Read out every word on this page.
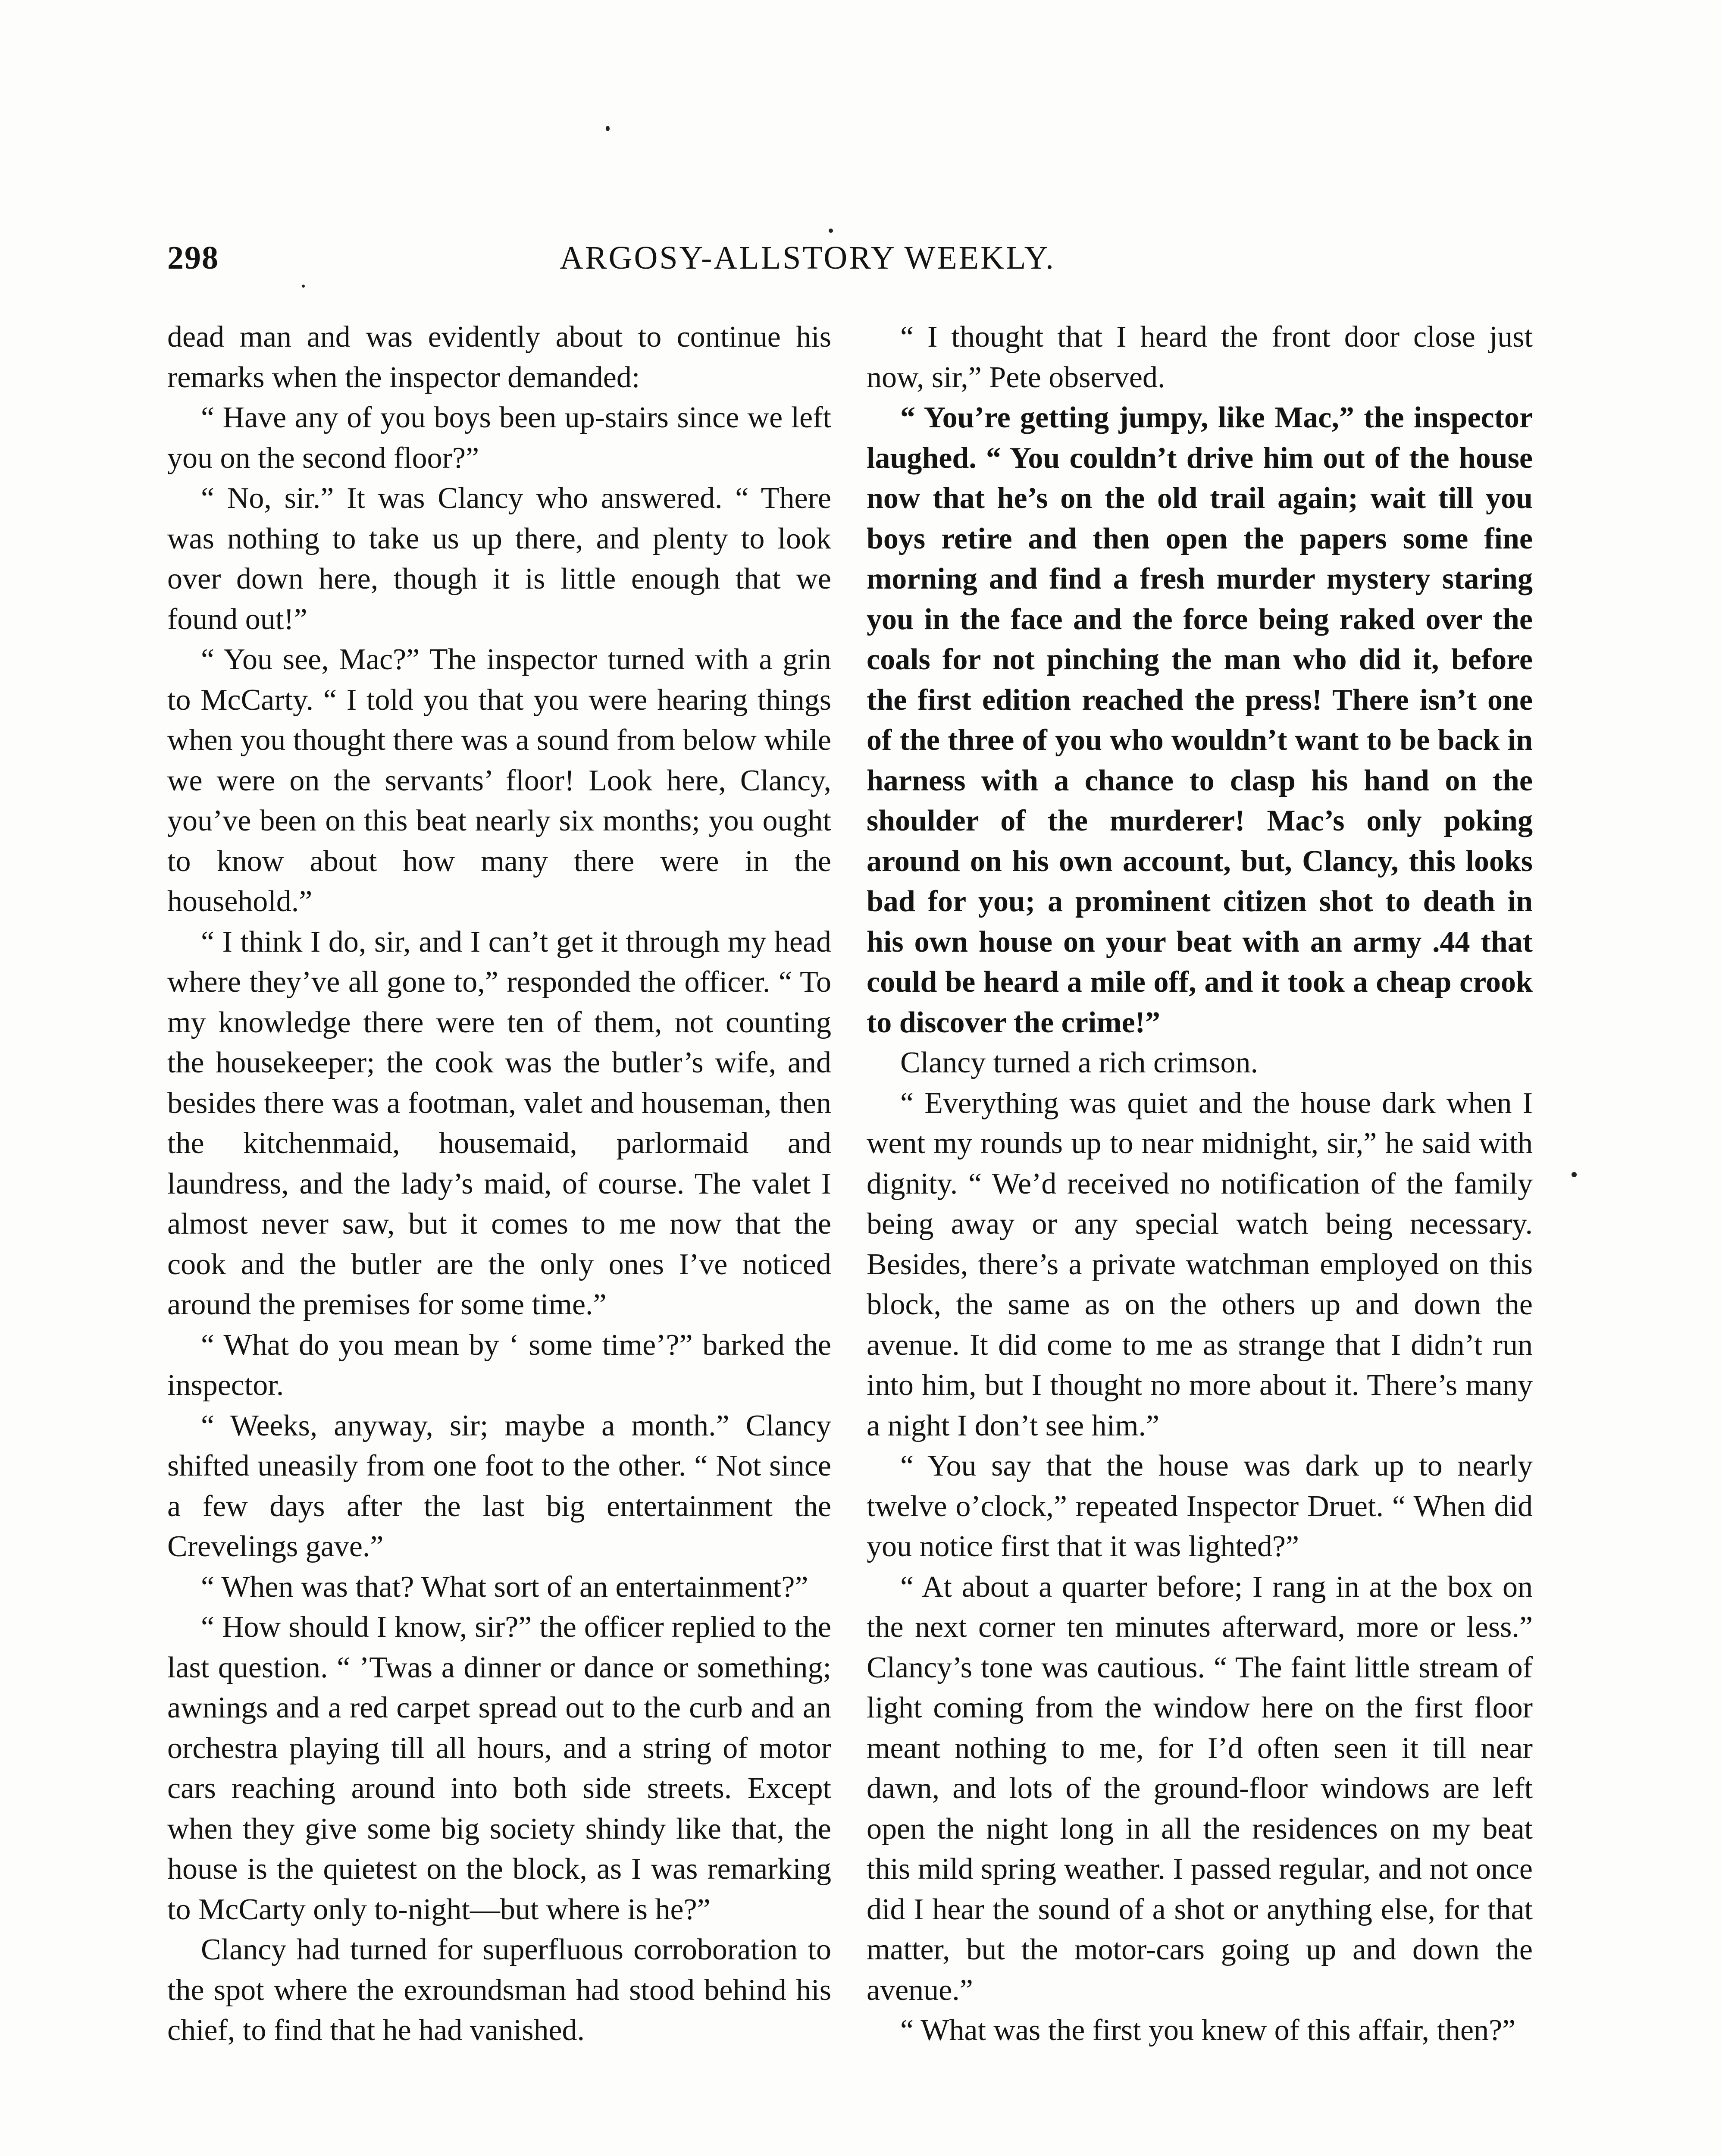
298	ARGOSY-ALLSTORY WEEKLY.

dead man and was evidently about to continue his remarks when the inspector demanded:

“ Have any of you boys been up-stairs since we left you on the second floor?”

“ No, sir.” It was Clancy who answered. “ There was nothing to take us up there, and plenty to look over down here, though it is little enough that we found out!”

“ You see, Mac?” The inspector turned with a grin to McCarty. “ I told you that you were hearing things when you thought there was a sound from below while we were on the servants’ floor! Look here, Clancy, you’ve been on this beat nearly six months; you ought to know about how many there were in the household.”

“ I think I do, sir, and I can’t get it through my head where they’ve all gone to,” responded the officer. “ To my knowledge there were ten of them, not counting the housekeeper; the cook was the butler’s wife, and besides there was a footman, valet and houseman, then the kitchenmaid, housemaid, parlormaid and laundress, and the lady’s maid, of course. The valet I almost never saw, but it comes to me now that the cook and the butler are the only ones I’ve noticed around the premises for some time.”

“ What do you mean by ‘ some time’?” barked the inspector.

“ Weeks, anyway, sir; maybe a month.” Clancy shifted uneasily from one foot to the other. “ Not since a few days after the last big entertainment the Crevelings gave.”

“ When was that? What sort of an entertainment?”

“ How should I know, sir?” the officer replied to the last question. “ ’Twas a dinner or dance or something; awnings and a red carpet spread out to the curb and an orchestra playing till all hours, and a string of motor cars reaching around into both side streets. Except when they give some big society shindy like that, the house is the quietest on the block, as I was remarking to McCarty only to-night—but where is he?”

Clancy had turned for superfluous corroboration to the spot where the exroundsman had stood behind his chief, to find that he had vanished.

“ I thought that I heard the front door close just now, sir,” Pete observed.

“ You’re getting jumpy, like Mac,” the inspector laughed. “ You couldn’t drive him out of the house now that he’s on the old trail again; wait till you boys retire and then open the papers some fine morning and find a fresh murder mystery staring you in the face and the force being raked over the coals for not pinching the man who did it, before the first edition reached the press! There isn’t one of the three of you who wouldn’t want to be back in harness with a chance to clasp his hand on the shoulder of the murderer! Mac’s only poking around on his own account, but, Clancy, this looks bad for you; a prominent citizen shot to death in his own house on your beat with an army .44 that could be heard a mile off, and it took a cheap crook to discover the crime!”

Clancy turned a rich crimson.

“ Everything was quiet and the house dark when I went my rounds up to near midnight, sir,” he said with dignity. “ We’d received no notification of the family being away or any special watch being necessary. Besides, there’s a private watchman employed on this block, the same as on the others up and down the avenue. It did come to me as strange that I didn’t run into him, but I thought no more about it. There’s many a night I don’t see him.”

“ You say that the house was dark up to nearly twelve o’clock,” repeated Inspector Druet. “ When did you notice first that it was lighted?”

“ At about a quarter before; I rang in at the box on the next corner ten minutes afterward, more or less.” Clancy’s tone was cautious. “ The faint little stream of light coming from the window here on the first floor meant nothing to me, for I’d often seen it till near dawn, and lots of the ground-floor windows are left open the night long in all the residences on my beat this mild spring weather. I passed regular, and not once did I hear the sound of a shot or anything else, for that matter, but the motor-cars going up and down the avenue.”

“ What was the first you knew of this affair, then?”
